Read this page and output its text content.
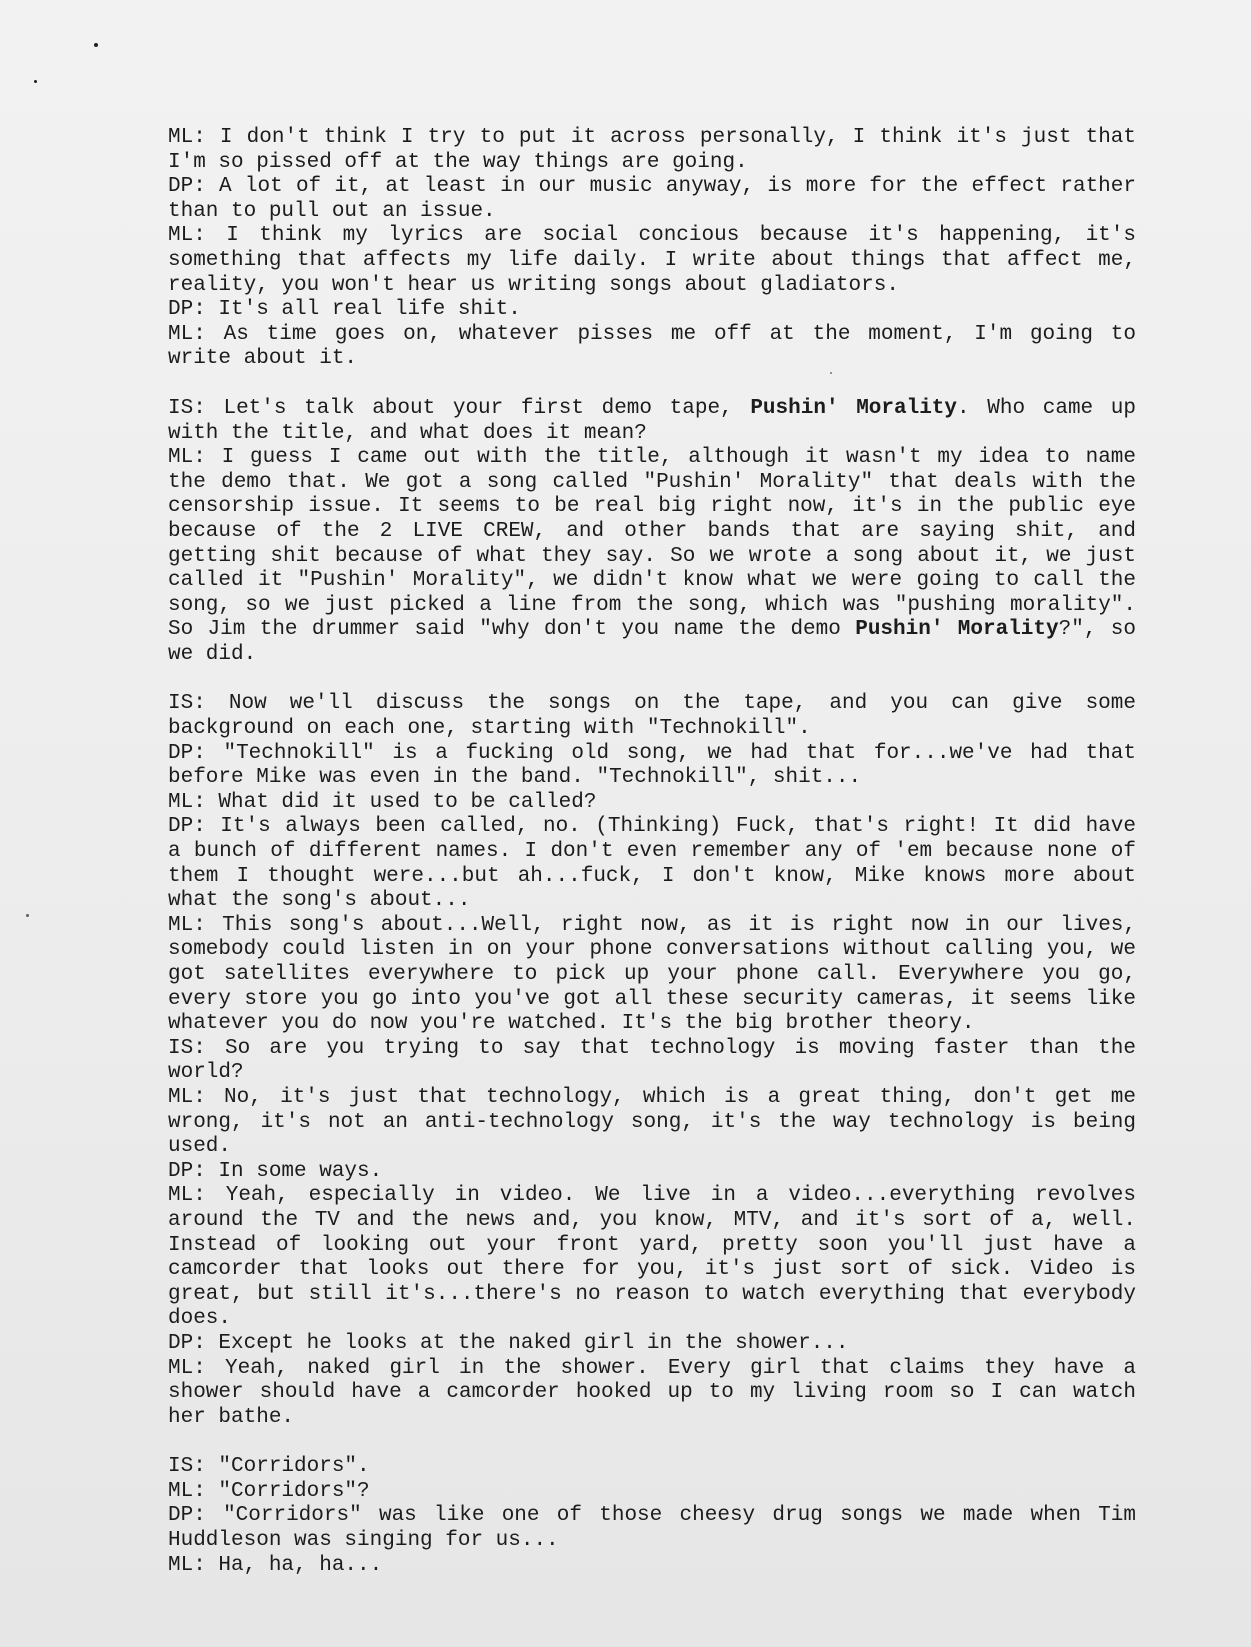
ML: I don't think I try to put it across personally, I think it's just that I'm so pissed off at the way things are going.

DP: A lot of it, at least in our music anyway, is more for the effect rather than to pull out an issue.

ML: I think my lyrics are social concious because it's happening, it's something that affects my life daily. I write about things that affect me, reality, you won't hear us writing songs about gladiators.

DP: It's all real life shit.

ML: As time goes on, whatever pisses me off at the moment, I'm going to write about it.

IS: Let's talk about your first demo tape, Pushin' Morality. Who came up with the title, and what does it mean?

ML: I guess I came out with the title, although it wasn't my idea to name the demo that. We got a song called "Pushin' Morality" that deals with the censorship issue. It seems to be real big right now, it's in the public eye because of the 2 LIVE CREW, and other bands that are saying shit, and getting shit because of what they say. So we wrote a song about it, we just called it "Pushin' Morality", we didn't know what we were going to call the song, so we just picked a line from the song, which was "pushing morality". So Jim the drummer said "why don't you name the demo Pushin' Morality?", so we did.

IS: Now we'll discuss the songs on the tape, and you can give some background on each one, starting with "Technokill".

DP: "Technokill" is a fucking old song, we had that for...we've had that before Mike was even in the band. "Technokill", shit...

ML: What did it used to be called?

DP: It's always been called, no. (Thinking) Fuck, that's right! It did have a bunch of different names. I don't even remember any of 'em because none of them I thought were...but ah...fuck, I don't know, Mike knows more about what the song's about...

ML: This song's about...Well, right now, as it is right now in our lives, somebody could listen in on your phone conversations without calling you, we got satellites everywhere to pick up your phone call. Everywhere you go, every store you go into you've got all these security cameras, it seems like whatever you do now you're watched. It's the big brother theory.

IS: So are you trying to say that technology is moving faster than the world?

ML: No, it's just that technology, which is a great thing, don't get me wrong, it's not an anti-technology song, it's the way technology is being used.

DP: In some ways.

ML: Yeah, especially in video. We live in a video...everything revolves around the TV and the news and, you know, MTV, and it's sort of a, well. Instead of looking out your front yard, pretty soon you'll just have a camcorder that looks out there for you, it's just sort of sick. Video is great, but still it's...there's no reason to watch everything that everybody does.

DP: Except he looks at the naked girl in the shower...

ML: Yeah, naked girl in the shower. Every girl that claims they have a shower should have a camcorder hooked up to my living room so I can watch her bathe.

IS: "Corridors".

ML: "Corridors"?

DP: "Corridors" was like one of those cheesy drug songs we made when Tim Huddleson was singing for us...

ML: Ha, ha, ha...
